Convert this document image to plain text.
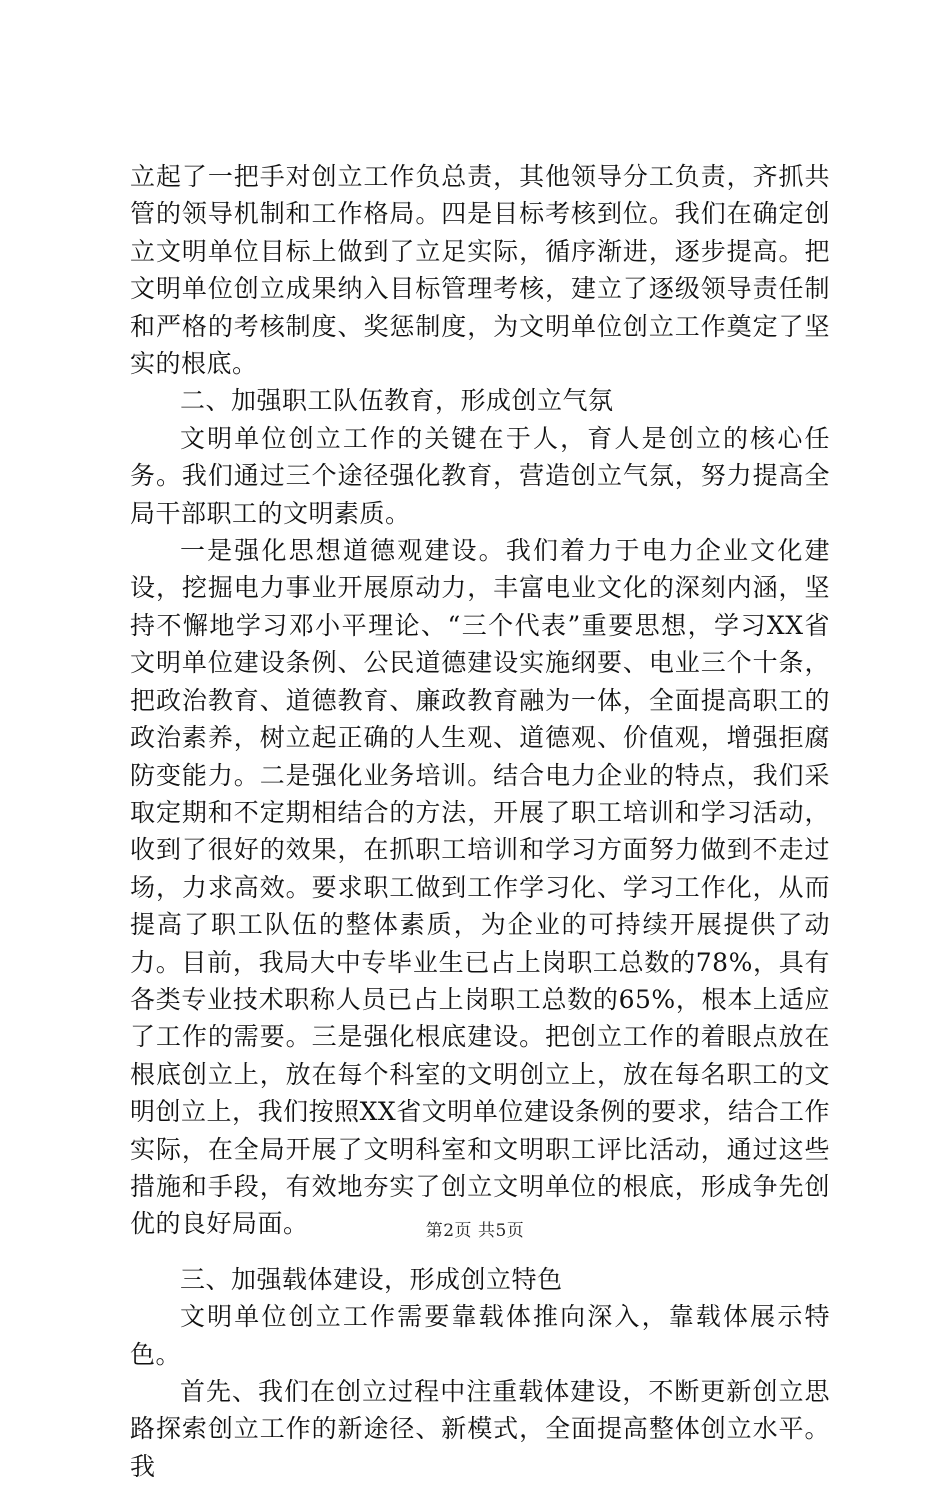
立起了一把手对创立工作负总责，其他领导分工负责，齐抓共管的领导机制和工作格局。四是目标考核到位。我们在确定创立文明单位目标上做到了立足实际，循序渐进，逐步提高。把文明单位创立成果纳入目标管理考核，建立了逐级领导责任制和严格的考核制度、奖惩制度，为文明单位创立工作奠定了坚实的根底。

二、加强职工队伍教育，形成创立气氛

文明单位创立工作的关键在于人，育人是创立的核心任务。我们通过三个途径强化教育，营造创立气氛，努力提高全局干部职工的文明素质。

一是强化思想道德观建设。我们着力于电力企业文化建设，挖掘电力事业开展原动力，丰富电业文化的深刻内涵，坚持不懈地学习邓小平理论、“三个代表”重要思想，学习XX省文明单位建设条例、公民道德建设实施纲要、电业三个十条，把政治教育、道德教育、廉政教育融为一体，全面提高职工的政治素养，树立起正确的人生观、道德观、价值观，增强拒腐防变能力。二是强化业务培训。结合电力企业的特点，我们采取定期和不定期相结合的方法，开展了职工培训和学习活动，收到了很好的效果，在抓职工培训和学习方面努力做到不走过场，力求高效。要求职工做到工作学习化、学习工作化，从而提高了职工队伍的整体素质，为企业的可持续开展提供了动力。目前，我局大中专毕业生已占上岗职工总数的78%，具有各类专业技术职称人员已占上岗职工总数的65%，根本上适应了工作的需要。三是强化根底建设。把创立工作的着眼点放在根底创立上，放在每个科室的文明创立上，放在每名职工的文明创立上，我们按照XX省文明单位建设条例的要求，结合工作实际，在全局开展了文明科室和文明职工评比活动，通过这些措施和手段，有效地夯实了创立文明单位的根底，形成争先创优的良好局面。

三、加强载体建设，形成创立特色

文明单位创立工作需要靠载体推向深入，靠载体展示特色。

首先、我们在创立过程中注重载体建设，不断更新创立思路探索创立工作的新途径、新模式，全面提高整体创立水平。我

第2页 共5页
